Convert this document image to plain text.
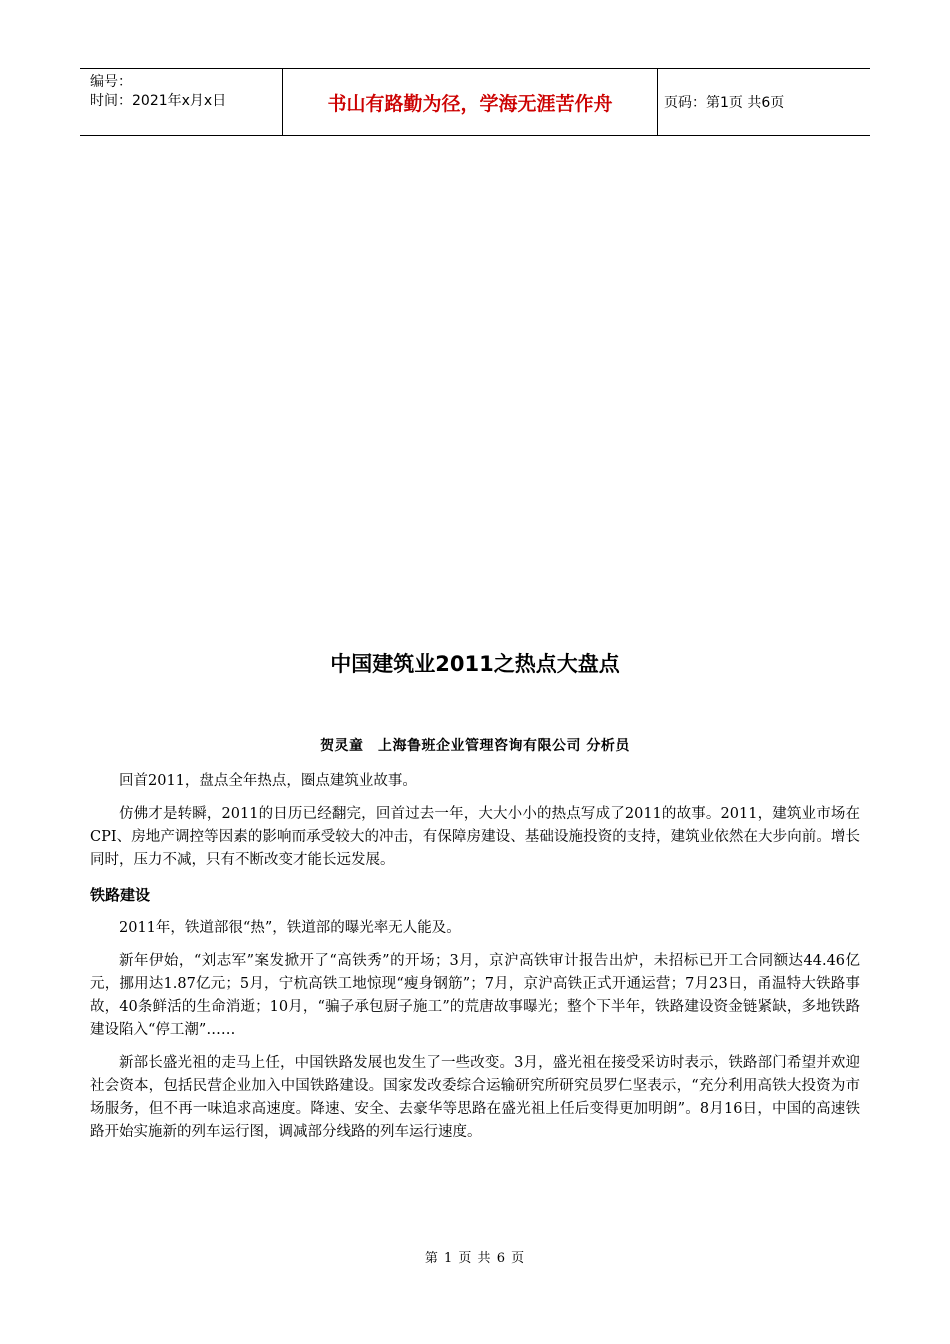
编号：
时间：2021年x月x日	书山有路勤为径，学海无涯苦作舟	页码：第1页 共6页
中国建筑业2011之热点大盘点
贺灵童　上海鲁班企业管理咨询有限公司 分析员

回首2011，盘点全年热点，圈点建筑业故事。

仿佛才是转瞬，2011的日历已经翻完，回首过去一年，大大小小的热点写成了2011的故事。2011，建筑业市场在CPI、房地产调控等因素的影响而承受较大的冲击，有保障房建设、基础设施投资的支持，建筑业依然在大步向前。增长同时，压力不减，只有不断改变才能长远发展。

铁路建设

2011年，铁道部很“热”，铁道部的曝光率无人能及。

新年伊始，“刘志军”案发掀开了“高铁秀”的开场；3月，京沪高铁审计报告出炉，未招标已开工合同额达44.46亿元，挪用达1.87亿元；5月，宁杭高铁工地惊现“瘦身钢筋”；7月，京沪高铁正式开通运营；7月23日，甬温特大铁路事故，40条鲜活的生命消逝；10月，“骗子承包厨子施工”的荒唐故事曝光；整个下半年，铁路建设资金链紧缺，多地铁路建设陷入“停工潮”……

新部长盛光祖的走马上任，中国铁路发展也发生了一些改变。3月，盛光祖在接受采访时表示，铁路部门希望并欢迎社会资本，包括民营企业加入中国铁路建设。国家发改委综合运输研究所研究员罗仁坚表示，“充分利用高铁大投资为市场服务，但不再一味追求高速度。降速、安全、去豪华等思路在盛光祖上任后变得更加明朗”。8月16日，中国的高速铁路开始实施新的列车运行图，调减部分线路的列车运行速度。

第 1 页 共 6 页
